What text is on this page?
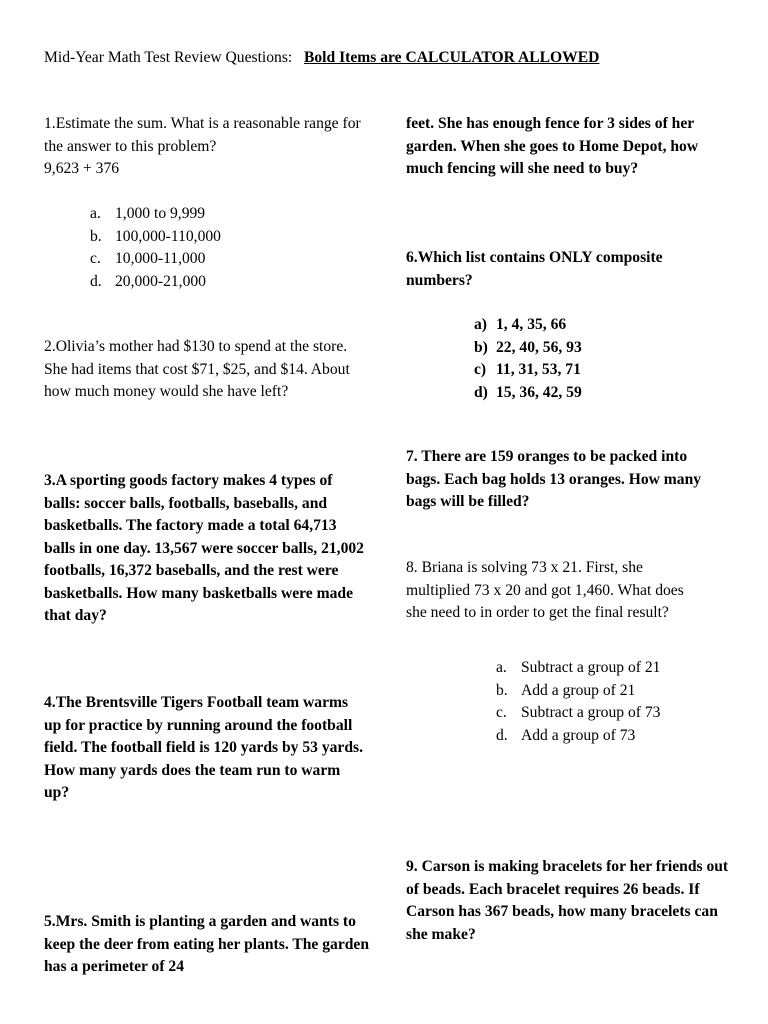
Mid-Year Math Test Review Questions: Bold Items are CALCULATOR ALLOWED
1.Estimate the sum. What is a reasonable range for the answer to this problem?
9,623 + 376
a. 1,000 to 9,999
b. 100,000-110,000
c. 10,000-11,000
d. 20,000-21,000
2.Olivia’s mother had $130 to spend at the store. She had items that cost $71, $25, and $14. About how much money would she have left?
3.A sporting goods factory makes 4 types of balls: soccer balls, footballs, baseballs, and basketballs. The factory made a total 64,713 balls in one day. 13,567 were soccer balls, 21,002 footballs, 16,372 baseballs, and the rest were basketballs. How many basketballs were made that day?
4.The Brentsville Tigers Football team warms up for practice by running around the football field. The football field is 120 yards by 53 yards. How many yards does the team run to warm up?
5.Mrs. Smith is planting a garden and wants to keep the deer from eating her plants. The garden has a perimeter of 24
feet. She has enough fence for 3 sides of her garden. When she goes to Home Depot, how much fencing will she need to buy?
6.Which list contains ONLY composite numbers?
a) 1, 4, 35, 66
b) 22, 40, 56, 93
c) 11, 31, 53, 71
d) 15, 36, 42, 59
7. There are 159 oranges to be packed into bags. Each bag holds 13 oranges. How many bags will be filled?
8. Briana is solving 73 x 21. First, she multiplied 73 x 20 and got 1,460. What does she need to in order to get the final result?
a. Subtract a group of 21
b. Add a group of 21
c. Subtract a group of 73
d. Add a group of 73
9. Carson is making bracelets for her friends out of beads. Each bracelet requires 26 beads. If Carson has 367 beads, how many bracelets can she make?
